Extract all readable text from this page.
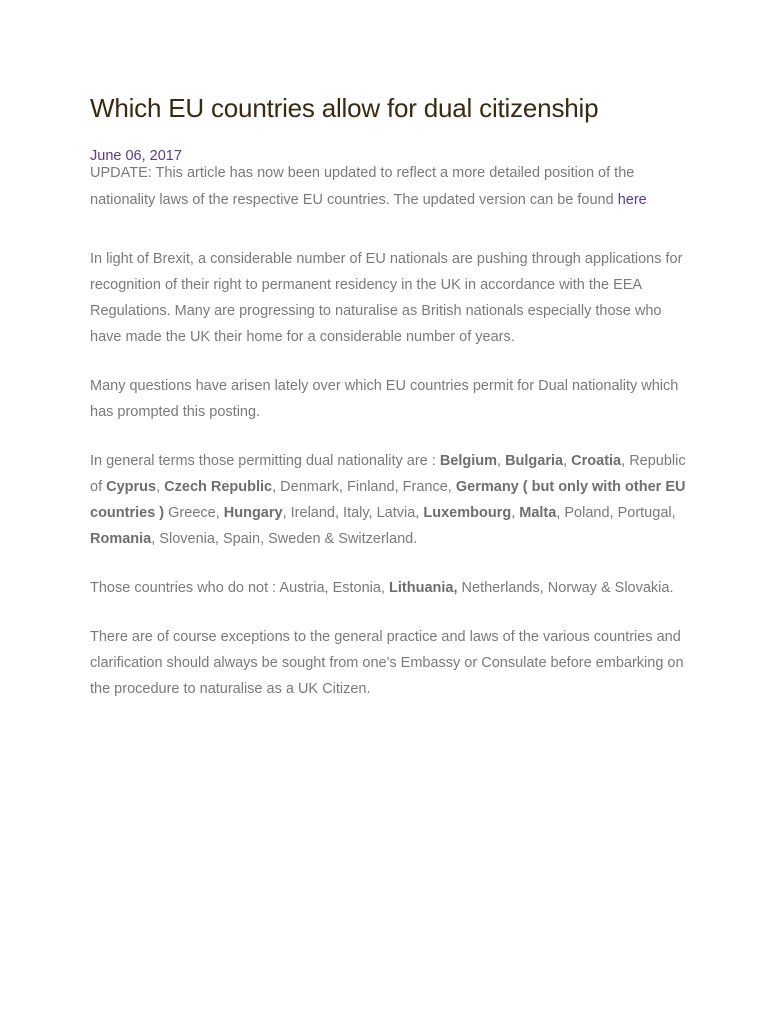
Which EU countries allow for dual citizenship
June 06, 2017

UPDATE: This article has now been updated to reflect a more detailed position of the nationality laws of the respective EU countries. The updated version can be found here

In light of Brexit, a considerable number of EU nationals are pushing through applications for recognition of their right to permanent residency in the UK in accordance with the EEA Regulations. Many are progressing to naturalise as British nationals especially those who have made the UK their home for a considerable number of years.

Many questions have arisen lately over which EU countries permit for Dual nationality which has prompted this posting.

In general terms those permitting dual nationality are : Belgium, Bulgaria, Croatia, Republic of Cyprus, Czech Republic, Denmark, Finland, France, Germany ( but only with other EU countries ) Greece, Hungary, Ireland, Italy, Latvia, Luxembourg, Malta, Poland, Portugal, Romania, Slovenia, Spain, Sweden & Switzerland.

Those countries who do not : Austria, Estonia, Lithuania, Netherlands, Norway & Slovakia.

There are of course exceptions to the general practice and laws of the various countries and clarification should always be sought from one's Embassy or Consulate before embarking on the procedure to naturalise as a UK Citizen.
